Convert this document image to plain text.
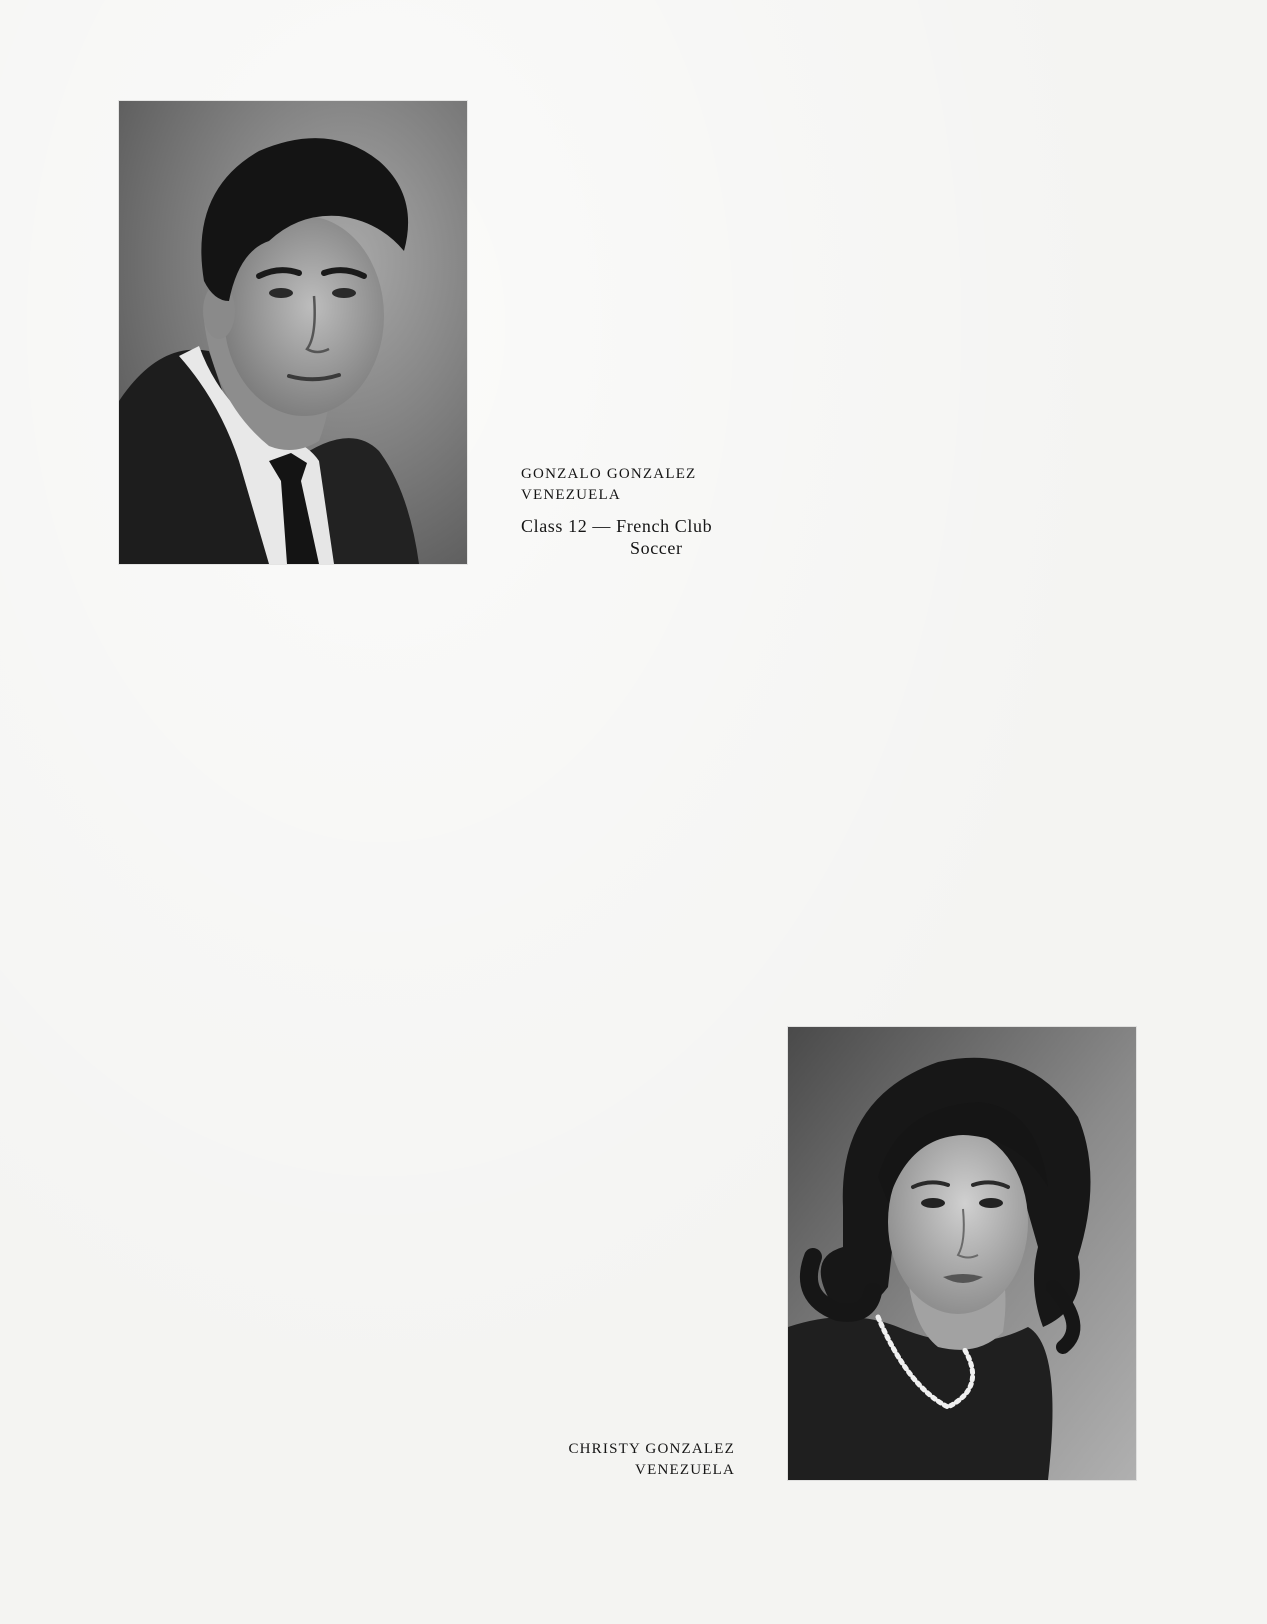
GONZALO GONZALEZ
VENEZUELA
Class 12 — French Club
Soccer
CHRISTY GONZALEZ
VENEZUELA
